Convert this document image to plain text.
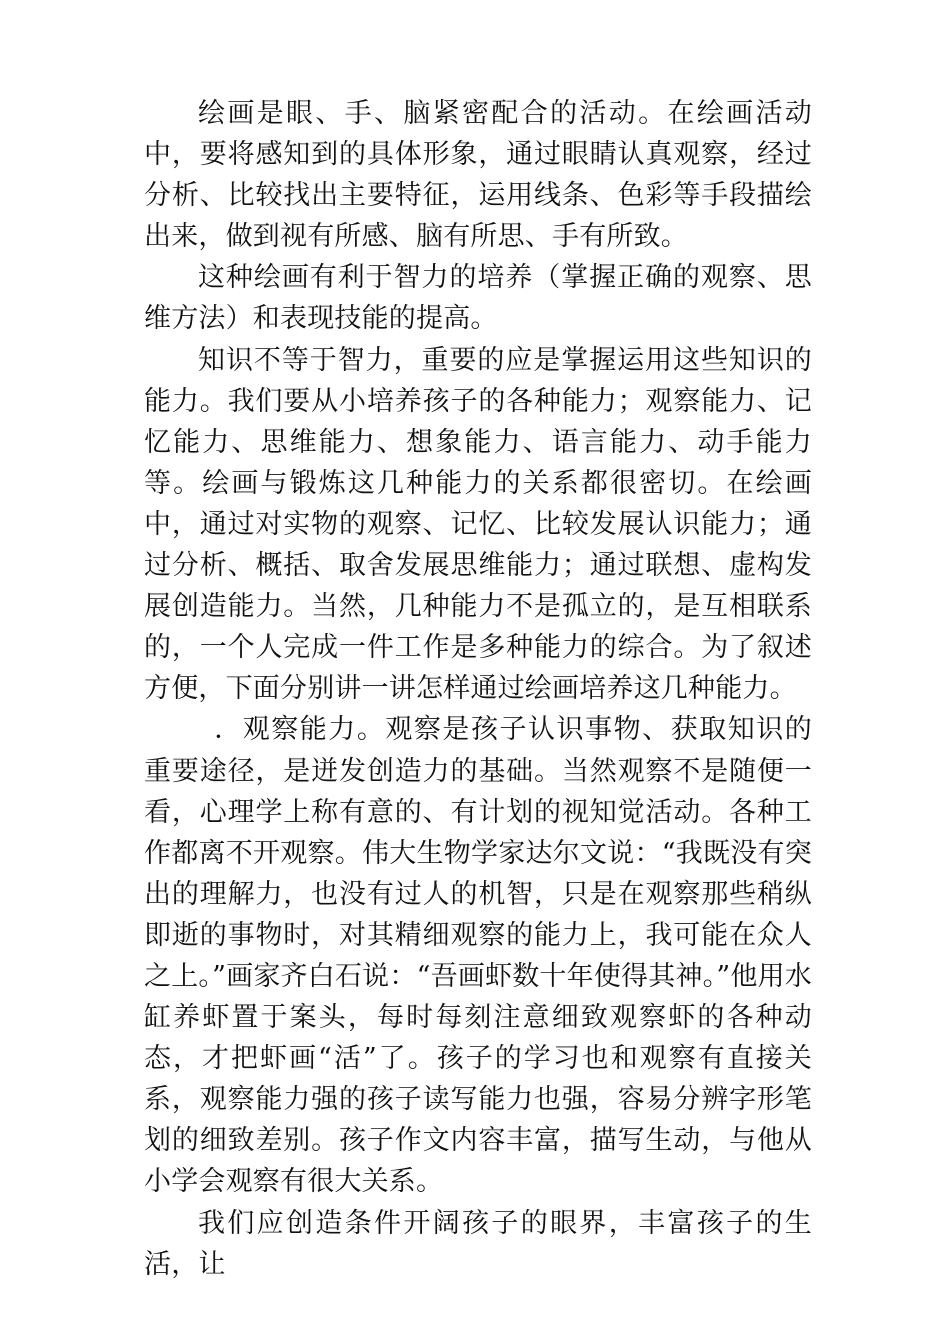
绘画是眼、手、脑紧密配合的活动。在绘画活动中，要将感知到的具体形象，通过眼睛认真观察，经过分析、比较找出主要特征，运用线条、色彩等手段描绘出来，做到视有所感、脑有所思、手有所致。

这种绘画有利于智力的培养（掌握正确的观察、思维方法）和表现技能的提高。

知识不等于智力，重要的应是掌握运用这些知识的能力。我们要从小培养孩子的各种能力；观察能力、记忆能力、思维能力、想象能力、语言能力、动手能力等。绘画与锻炼这几种能力的关系都很密切。在绘画中，通过对实物的观察、记忆、比较发展认识能力；通过分析、概括、取舍发展思维能力；通过联想、虚构发展创造能力。当然，几种能力不是孤立的，是互相联系的，一个人完成一件工作是多种能力的综合。为了叙述方便，下面分别讲一讲怎样通过绘画培养这几种能力。

．观察能力。观察是孩子认识事物、获取知识的重要途径，是迸发创造力的基础。当然观察不是随便一看，心理学上称有意的、有计划的视知觉活动。各种工作都离不开观察。伟大生物学家达尔文说：“我既没有突出的理解力，也没有过人的机智，只是在观察那些稍纵即逝的事物时，对其精细观察的能力上，我可能在众人之上。”画家齐白石说：“吾画虾数十年使得其神。”他用水缸养虾置于案头，每时每刻注意细致观察虾的各种动态，才把虾画“活”了。孩子的学习也和观察有直接关系，观察能力强的孩子读写能力也强，容易分辨字形笔划的细致差别。孩子作文内容丰富，描写生动，与他从小学会观察有很大关系。

我们应创造条件开阔孩子的眼界，丰富孩子的生活，让
